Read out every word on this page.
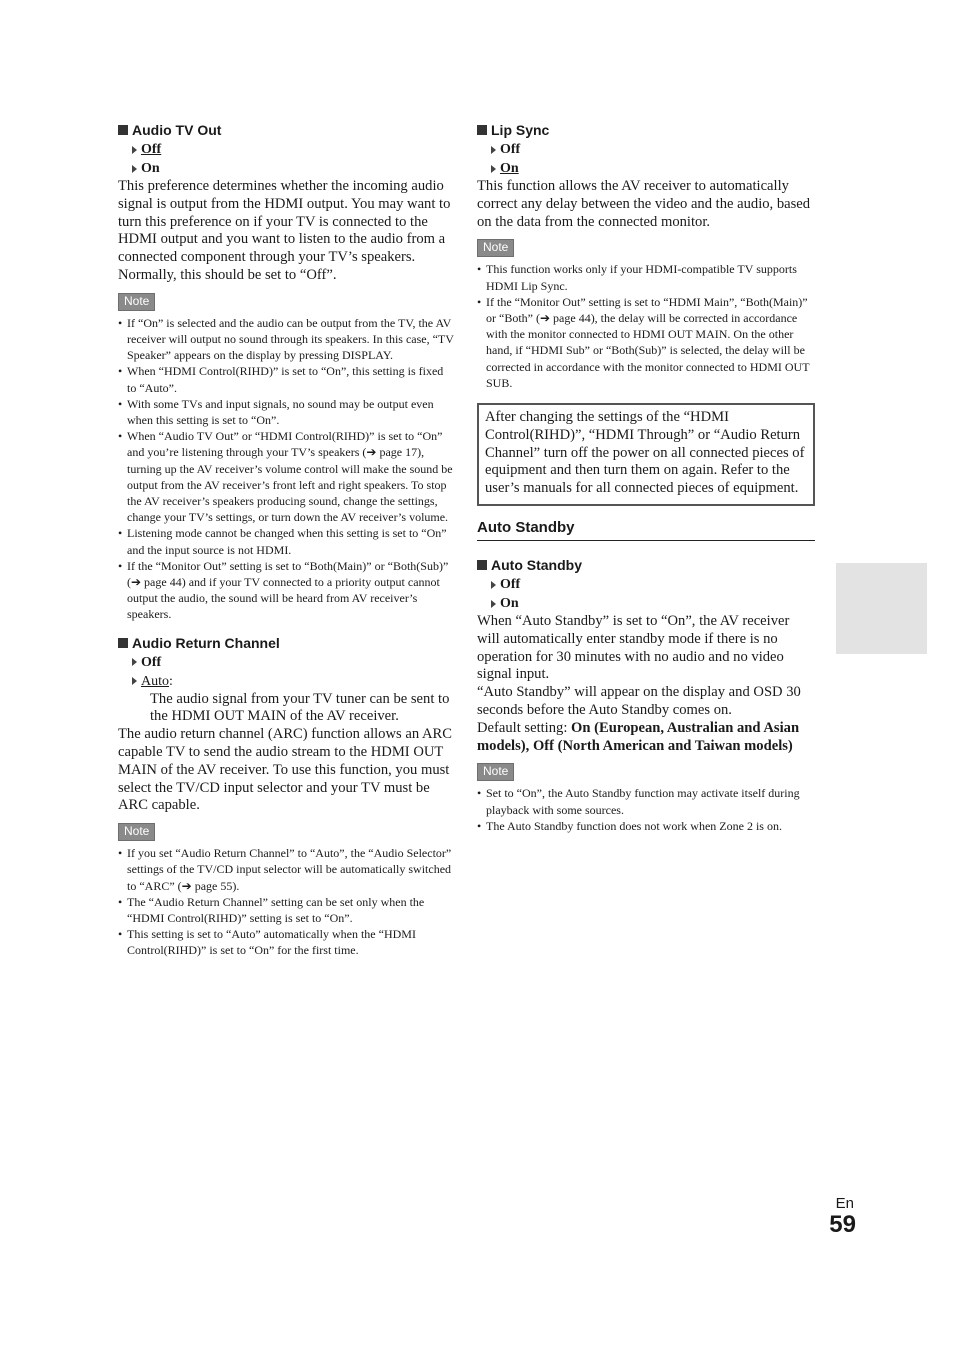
Audio TV Out
Off
On

This preference determines whether the incoming audio signal is output from the HDMI output. You may want to turn this preference on if your TV is connected to the HDMI output and you want to listen to the audio from a connected component through your TV’s speakers. Normally, this should be set to “Off”.

Note
• If “On” is selected and the audio can be output from the TV, the AV receiver will output no sound through its speakers. In this case, “TV Speaker” appears on the display by pressing DISPLAY.
• When “HDMI Control(RIHD)” is set to “On”, this setting is fixed to “Auto”.
• With some TVs and input signals, no sound may be output even when this setting is set to “On”.
• When “Audio TV Out” or “HDMI Control(RIHD)” is set to “On” and you’re listening through your TV’s speakers (➔ page 17), turning up the AV receiver’s volume control will make the sound be output from the AV receiver’s front left and right speakers. To stop the AV receiver’s speakers producing sound, change the settings, change your TV’s settings, or turn down the AV receiver’s volume.
• Listening mode cannot be changed when this setting is set to “On” and the input source is not HDMI.
• If the “Monitor Out” setting is set to “Both(Main)” or “Both(Sub)” (➔ page 44) and if your TV connected to a priority output cannot output the audio, the sound will be heard from AV receiver’s speakers.
Audio Return Channel
Off
Auto :

The audio signal from your TV tuner can be sent to the HDMI OUT MAIN of the AV receiver.

The audio return channel (ARC) function allows an ARC capable TV to send the audio stream to the HDMI OUT MAIN of the AV receiver. To use this function, you must select the TV/CD input selector and your TV must be ARC capable.

Note
• If you set “Audio Return Channel” to “Auto”, the “Audio Selector” settings of the TV/CD input selector will be automatically switched to “ARC” (➔ page 55).
• The “Audio Return Channel” setting can be set only when the “HDMI Control(RIHD)” setting is set to “On”.
• This setting is set to “Auto” automatically when the “HDMI Control(RIHD)” is set to “On” for the first time.
Lip Sync
Off
On

This function allows the AV receiver to automatically correct any delay between the video and the audio, based on the data from the connected monitor.

Note
• This function works only if your HDMI-compatible TV supports HDMI Lip Sync.
• If the “Monitor Out” setting is set to “HDMI Main”, “Both(Main)” or “Both” (➔ page 44), the delay will be corrected in accordance with the monitor connected to HDMI OUT MAIN. On the other hand, if “HDMI Sub” or “Both(Sub)” is selected, the delay will be corrected in accordance with the monitor connected to HDMI OUT SUB.
After changing the settings of the “HDMI Control(RIHD)”, “HDMI Through” or “Audio Return Channel” turn off the power on all connected pieces of equipment and then turn them on again. Refer to the user’s manuals for all connected pieces of equipment.
Auto Standby
Auto Standby
Off
On

When “Auto Standby” is set to “On”, the AV receiver will automatically enter standby mode if there is no operation for 30 minutes with no audio and no video signal input.

“Auto Standby” will appear on the display and OSD 30 seconds before the Auto Standby comes on.

Default setting: On (European, Australian and Asian models), Off (North American and Taiwan models)

Note
• Set to “On”, the Auto Standby function may activate itself during playback with some sources.
• The Auto Standby function does not work when Zone 2 is on.
En
59
